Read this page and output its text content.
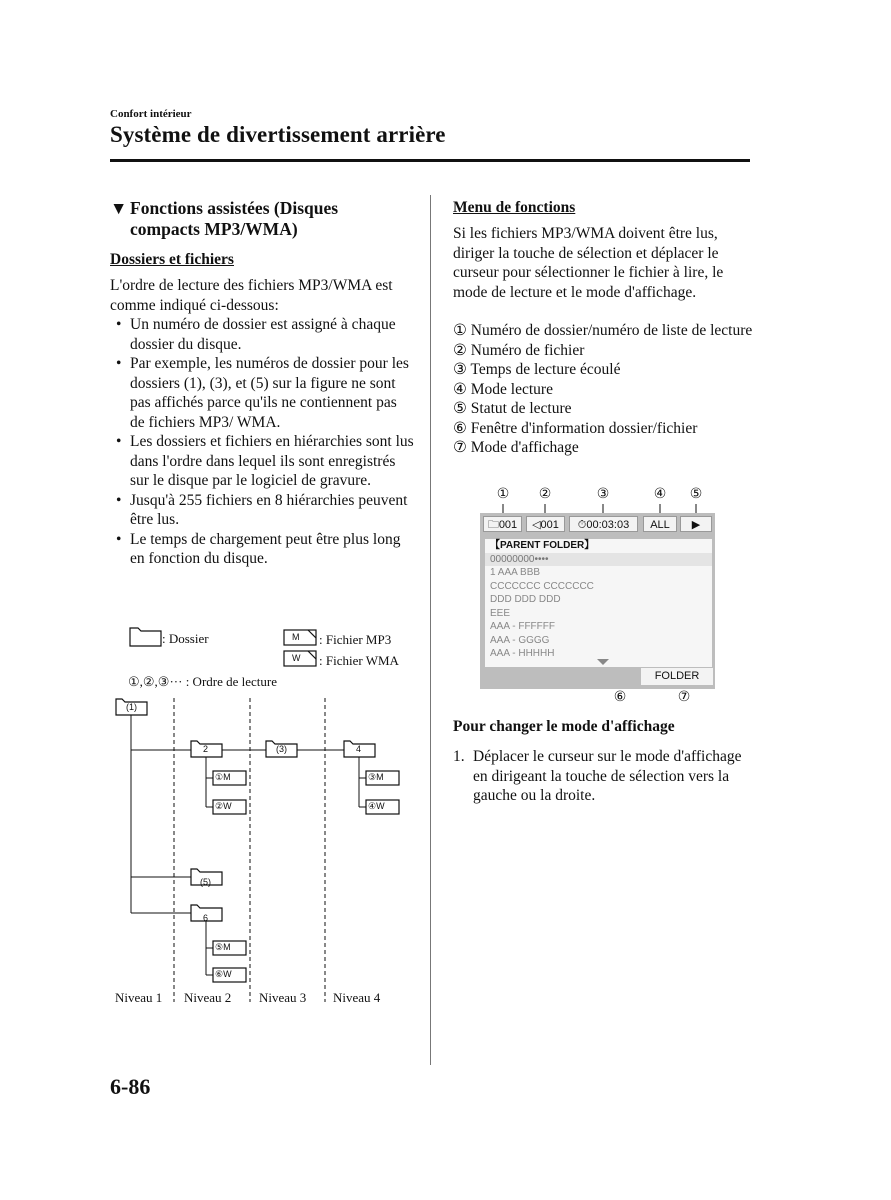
Confort intérieur
Système de divertissement arrière
▼ Fonctions assistées (Disques
compacts MP3/WMA)
Dossiers et fichiers
L'ordre de lecture des fichiers MP3/WMA est comme indiqué ci-dessous:
• Un numéro de dossier est assigné à chaque dossier du disque.
• Par exemple, les numéros de dossier pour les dossiers (1), (3), et (5) sur la figure ne sont pas affichés parce qu'ils ne contiennent pas de fichiers MP3/ WMA.
• Les dossiers et fichiers en hiérarchies sont lus dans l'ordre dans lequel ils sont enregistrés sur le disque par le logiciel de gravure.
• Jusqu'à 255 fichiers en 8 hiérarchies peuvent être lus.
• Le temps de chargement peut être plus long en fonction du disque.
: Dossier	M : Fichier MP3
W : Fichier WMA
①,②,③··· : Ordre de lecture
(1)
2	(3)	4
(5)
6
①M
②W
③M
④W
⑤M
⑥W
Niveau 1 Niveau 2 Niveau 3 Niveau 4
Menu de fonctions
Si les fichiers MP3/WMA doivent être lus, diriger la touche de sélection et déplacer le curseur pour sélectionner le fichier à lire, le mode de lecture et le mode d'affichage.
① Numéro de dossier/numéro de liste de lecture
② Numéro de fichier
③ Temps de lecture écoulé
④ Mode lecture
⑤ Statut de lecture
⑥ Fenêtre d'information dossier/fichier
⑦ Mode d'affichage
① ②	③	④ ⑤
🗀001	◁001	⏱00:03:03	ALL	▶
【PARENT FOLDER】
00000000••••
1 AAA BBB
CCCCCCC CCCCCCC
DDD DDD DDD
EEE
AAA - FFFFFF
AAA - GGGG
AAA - HHHHH
FOLDER
⑥	⑦
Pour changer le mode d'affichage
1. Déplacer le curseur sur le mode d'affichage en dirigeant la touche de sélection vers la gauche ou la droite.
6-86
